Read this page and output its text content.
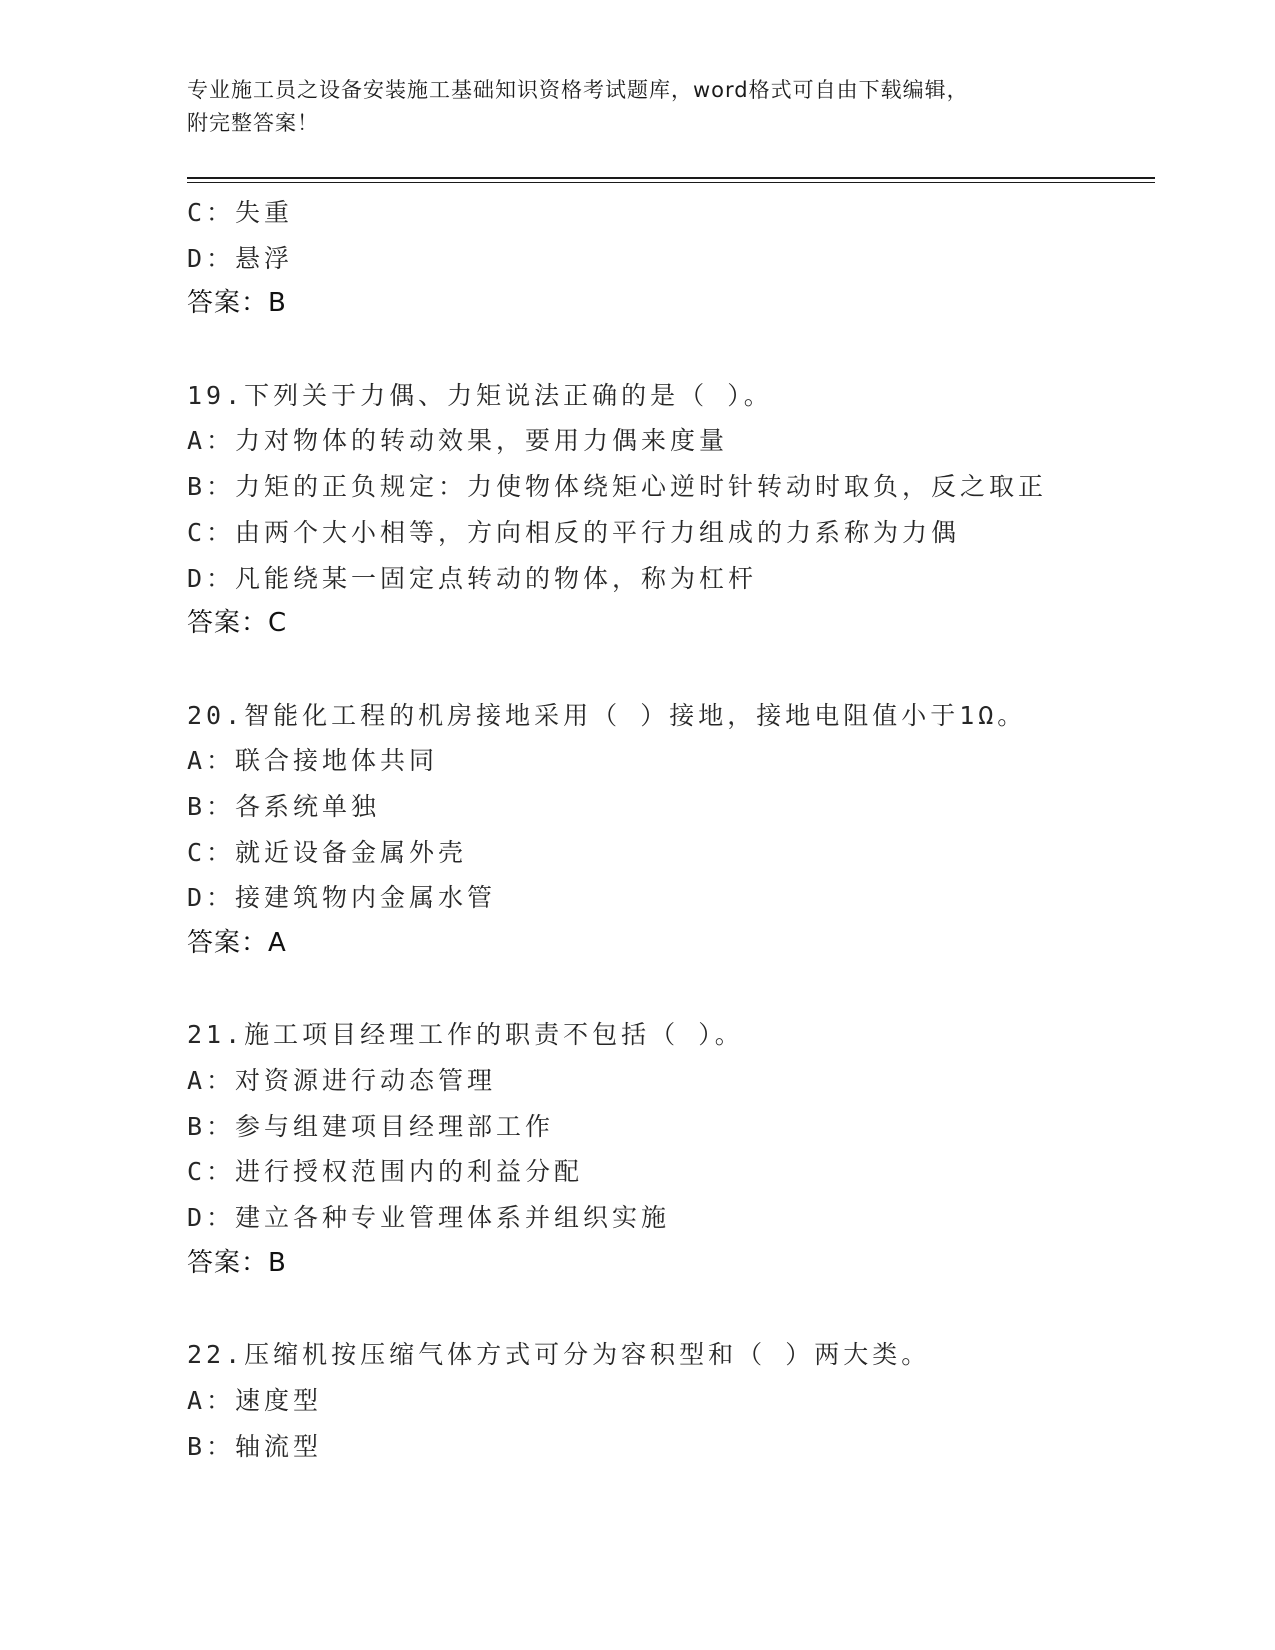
专业施工员之设备安装施工基础知识资格考试题库，word格式可自由下载编辑，
附完整答案！
C：失重
D：悬浮
答案：B
19.下列关于力偶、力矩说法正确的是（ ）。
A：力对物体的转动效果，要用力偶来度量
B：力矩的正负规定：力使物体绕矩心逆时针转动时取负，反之取正
C：由两个大小相等，方向相反的平行力组成的力系称为力偶
D：凡能绕某一固定点转动的物体，称为杠杆
答案：C
20.智能化工程的机房接地采用（ ）接地，接地电阻值小于1Ω。
A：联合接地体共同
B：各系统单独
C：就近设备金属外壳
D：接建筑物内金属水管
答案：A
21.施工项目经理工作的职责不包括（ ）。
A：对资源进行动态管理
B：参与组建项目经理部工作
C：进行授权范围内的利益分配
D：建立各种专业管理体系并组织实施
答案：B
22.压缩机按压缩气体方式可分为容积型和（ ）两大类。
A：速度型
B：轴流型
